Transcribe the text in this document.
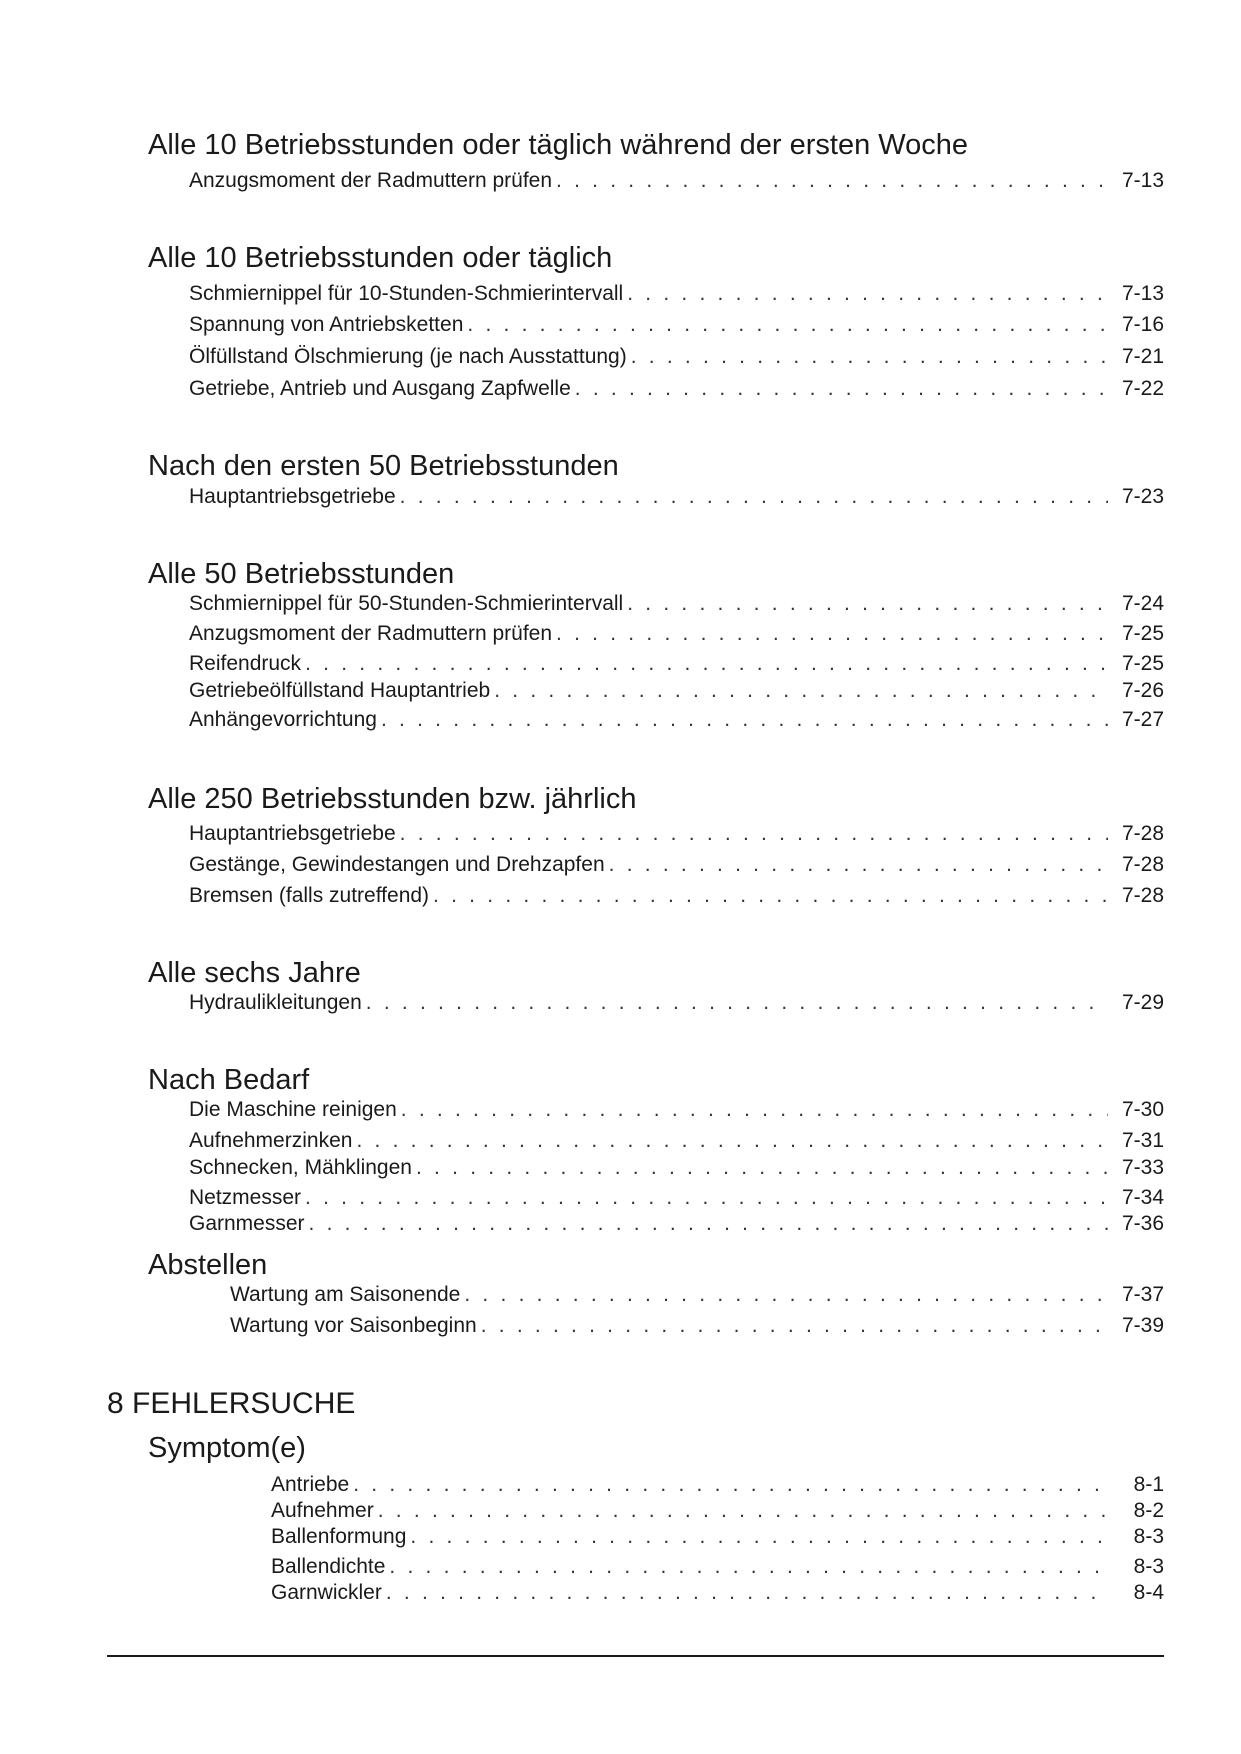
Alle 10 Betriebsstunden oder täglich während der ersten Woche
Anzugsmoment der Radmuttern prüfen . . .	7-13
Alle 10 Betriebsstunden oder täglich
Schmiernippel für 10-Stunden-Schmierintervall . . .	7-13
Spannung von Antriebsketten . . .	7-16
Ölfüllstand Ölschmierung (je nach Ausstattung) . . .	7-21
Getriebe, Antrieb und Ausgang Zapfwelle . . .	7-22
Nach den ersten 50 Betriebsstunden
Hauptantriebsgetriebe . . .	7-23
Alle 50 Betriebsstunden
Schmiernippel für 50-Stunden-Schmierintervall . . .	7-24
Anzugsmoment der Radmuttern prüfen . . .	7-25
Reifendruck . . .	7-25
Getriebeölfüllstand Hauptantrieb . . .	7-26
Anhängevorrichtung . . .	7-27
Alle 250 Betriebsstunden bzw. jährlich
Hauptantriebsgetriebe . . .	7-28
Gestänge, Gewindestangen und Drehzapfen . . .	7-28
Bremsen (falls zutreffend) . . .	7-28
Alle sechs Jahre
Hydraulikleitungen . . .	7-29
Nach Bedarf
Die Maschine reinigen . . .	7-30
Aufnehmerzinken . . .	7-31
Schnecken, Mähklingen . . .	7-33
Netzmesser . . .	7-34
Garnmesser . . .	7-36
Abstellen
Wartung am Saisonende . . .	7-37
Wartung vor Saisonbeginn . . .	7-39
8 FEHLERSUCHE
Symptom(e)
Antriebe . . .	8-1
Aufnehmer . . .	8-2
Ballenformung . . .	8-3
Ballendichte . . .	8-3
Garnwickler . . .	8-4
